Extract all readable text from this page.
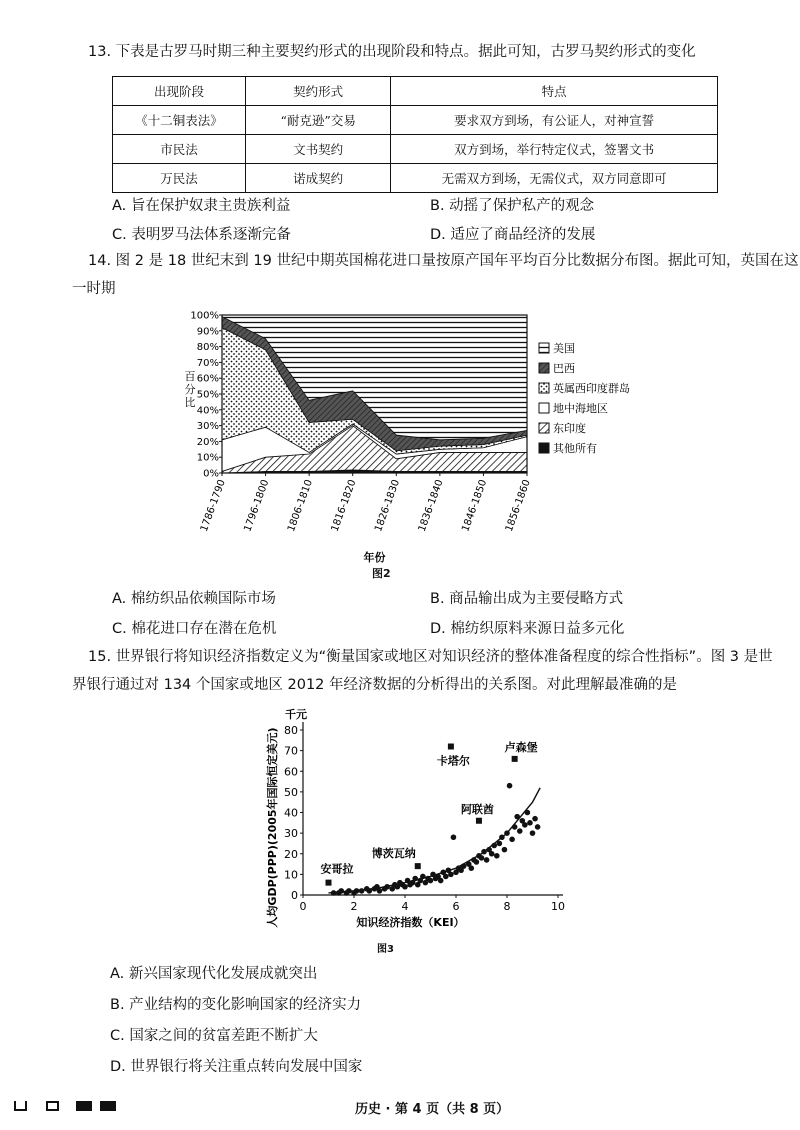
13. 下表是古罗马时期三种主要契约形式的出现阶段和特点。据此可知，古罗马契约形式的变化
出现阶段	契约形式	特点
《十二铜表法》	“耐克逊”交易	要求双方到场，有公证人，对神宣誓
市民法	文书契约	双方到场，举行特定仪式，签署文书
万民法	诺成契约	无需双方到场，无需仪式，双方同意即可
A. 旨在保护奴隶主贵族利益	B. 动摇了保护私产的观念
C. 表明罗马法体系逐渐完备	D. 适应了商品经济的发展
14. 图 2 是 18 世纪末到 19 世纪中期英国棉花进口量按原产国年平均百分比数据分布图。据此可知，英国在这
一时期
0%
10%
20%
30%
40%
50%
60%
70%
80%
90%
100%
1786-1790 1796-1800 1806-1810 1816-1820 1826-1830 1836-1840 1846-1850 1856-1860
百分比
年份
美国
巴西
英属西印度群岛
地中海地区
东印度
其他所有
图2
A. 棉纺织品依赖国际市场	B. 商品输出成为主要侵略方式
C. 棉花进口存在潜在危机	D. 棉纺织原料来源日益多元化
15. 世界银行将知识经济指数定义为“衡量国家或地区对知识经济的整体准备程度的综合性指标”。图 3 是世
界银行通过对 134 个国家或地区 2012 年经济数据的分析得出的关系图。对此理解最准确的是
0
10
20
30
40
50
60
70
80
0	2	4	6	8	10
千元
人均GDP(PPP)(2005年国际恒定美元)	知识经济指数（KEI）
卡塔尔
卢森堡
阿联酋
博茨瓦纳
安哥拉
图3
A. 新兴国家现代化发展成就突出
B. 产业结构的变化影响国家的经济实力
C. 国家之间的贫富差距不断扩大
D. 世界银行将关注重点转向发展中国家
历史 · 第 4 页（共 8 页）
